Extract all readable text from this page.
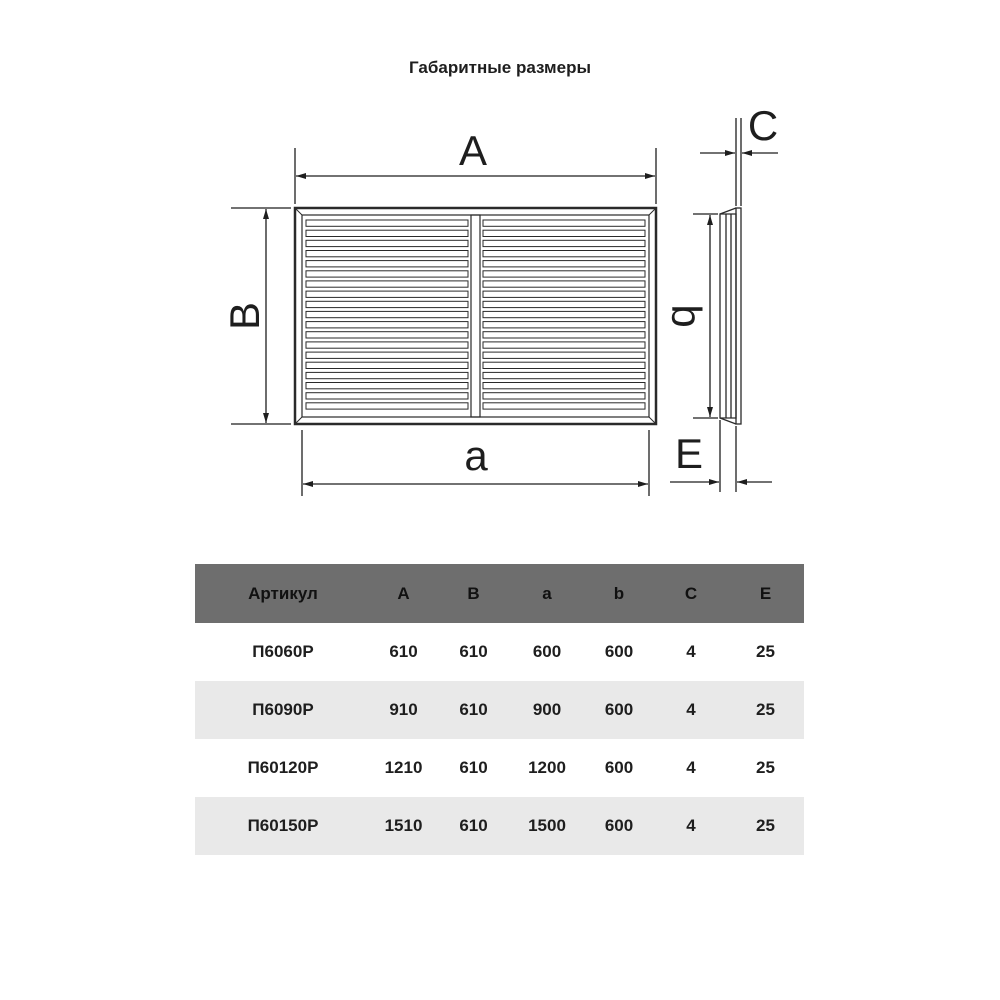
Габаритные размеры
A
B
a
b
C
E
Артикул	A	B	a	b	C	E
П6060Р	610	610	600	600	4	25
П6090Р	910	610	900	600	4	25
П60120Р	1210	610	1200	600	4	25
П60150Р	1510	610	1500	600	4	25
